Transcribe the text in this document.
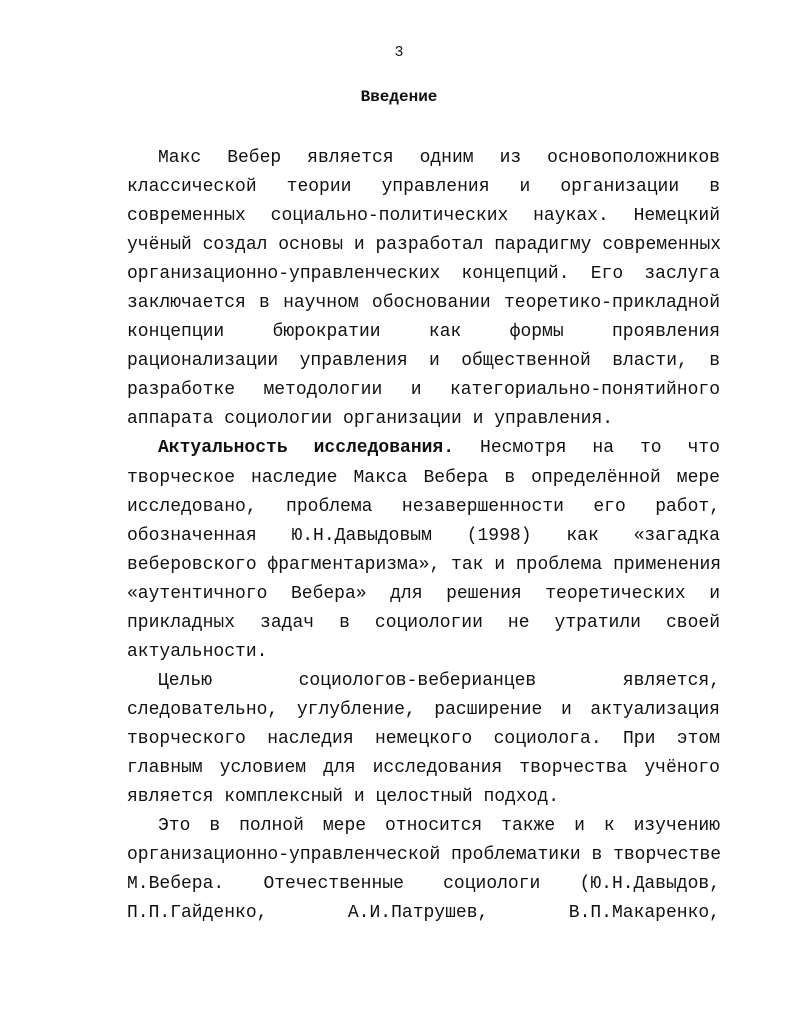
3
Введение
Макс Вебер является одним из основоположников
классической теории управления и организации в
современных социально-политических науках. Немецкий
учёный создал основы и разработал парадигму современных
организационно-управленческих концепций. Его заслуга
заключается в научном обосновании теоретико-прикладной
концепции бюрократии как формы проявления
рационализации управления и общественной власти, в
разработке методологии и категориально-понятийного
аппарата социологии организации и управления.
Актуальность исследования. Несмотря на то что
творческое наследие Макса Вебера в определённой мере
исследовано, проблема незавершенности его работ,
обозначенная Ю.Н.Давыдовым (1998) как «загадка
веберовского фрагментаризма», так и проблема применения
«аутентичного Вебера» для решения теоретических и
прикладных задач в социологии не утратили своей
актуальности.
Целью социологов-веберианцев является,
следовательно, углубление, расширение и актуализация
творческого наследия немецкого социолога. При этом
главным условием для исследования творчества учёного
является комплексный и целостный подход.
Это в полной мере относится также и к изучению
организационно-управленческой проблематики в творчестве
М.Вебера. Отечественные социологи (Ю.Н.Давыдов,
П.П.Гайденко, А.И.Патрушев, В.П.Макаренко,
